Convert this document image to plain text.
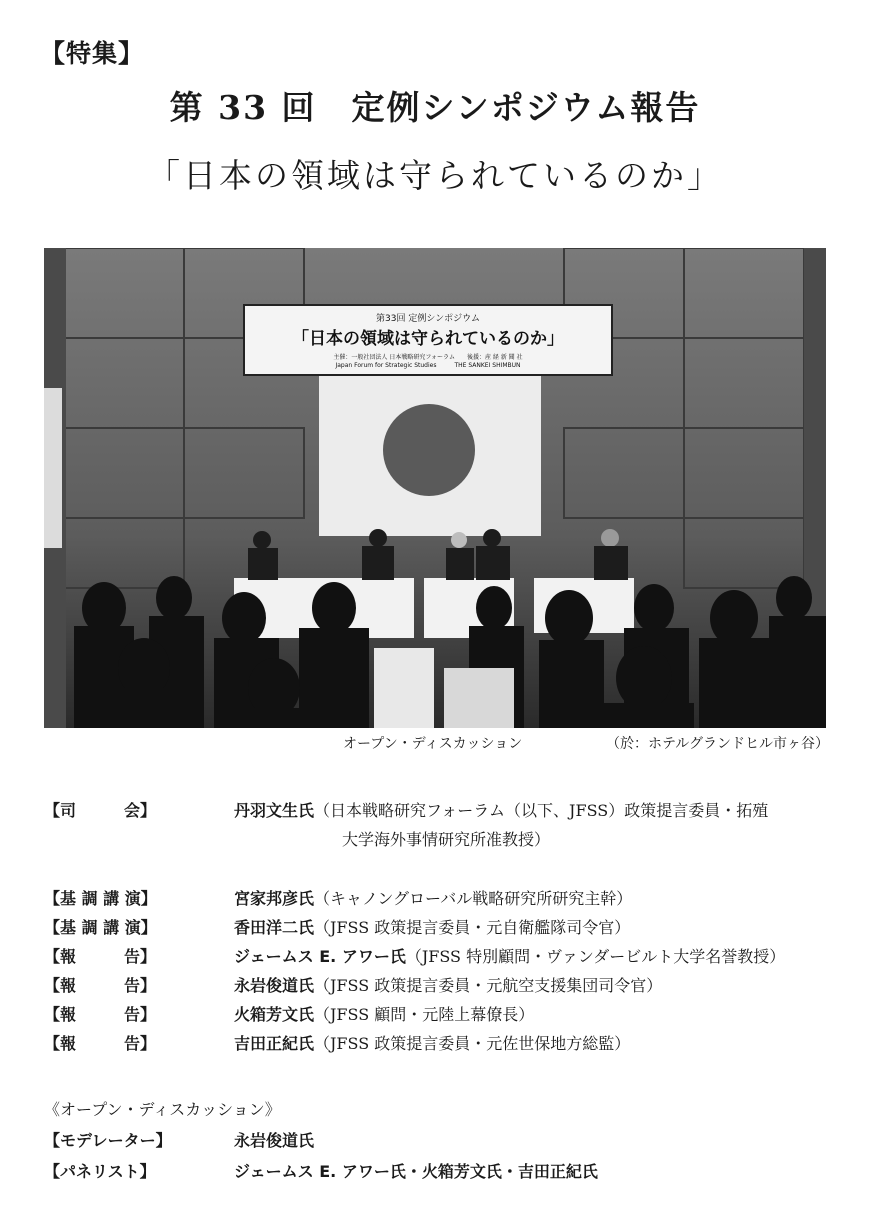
【特集】
第 33 回　定例シンポジウム報告
「日本の領域は守られているのか」
第33回 定例シンポジウム
「日本の領域は守られているのか」
主催：一般社団法人 日本戦略研究フォーラム　　後援：産 経 新 聞 社
Japan Forum for Strategic Studies　　　THE SANKEI SHIMBUN
オープン・ディスカッション	（於：ホテルグランドヒル市ヶ谷）
【司　　　会】	丹羽文生氏（日本戦略研究フォーラム（以下、JFSS）政策提言委員・拓殖
大学海外事情研究所准教授）
【基 調 講 演】	宮家邦彦氏（キャノングローバル戦略研究所研究主幹）
【基 調 講 演】	香田洋二氏（JFSS 政策提言委員・元自衛艦隊司令官）
【報　　　告】	ジェームス E. アワー氏（JFSS 特別顧問・ヴァンダービルト大学名誉教授）
【報　　　告】	永岩俊道氏（JFSS 政策提言委員・元航空支援集団司令官）
【報　　　告】	火箱芳文氏（JFSS 顧問・元陸上幕僚長）
【報　　　告】	吉田正紀氏（JFSS 政策提言委員・元佐世保地方総監）
《オープン・ディスカッション》
【モデレーター】	永岩俊道氏
【パネリスト】	ジェームス E. アワー氏・火箱芳文氏・吉田正紀氏
